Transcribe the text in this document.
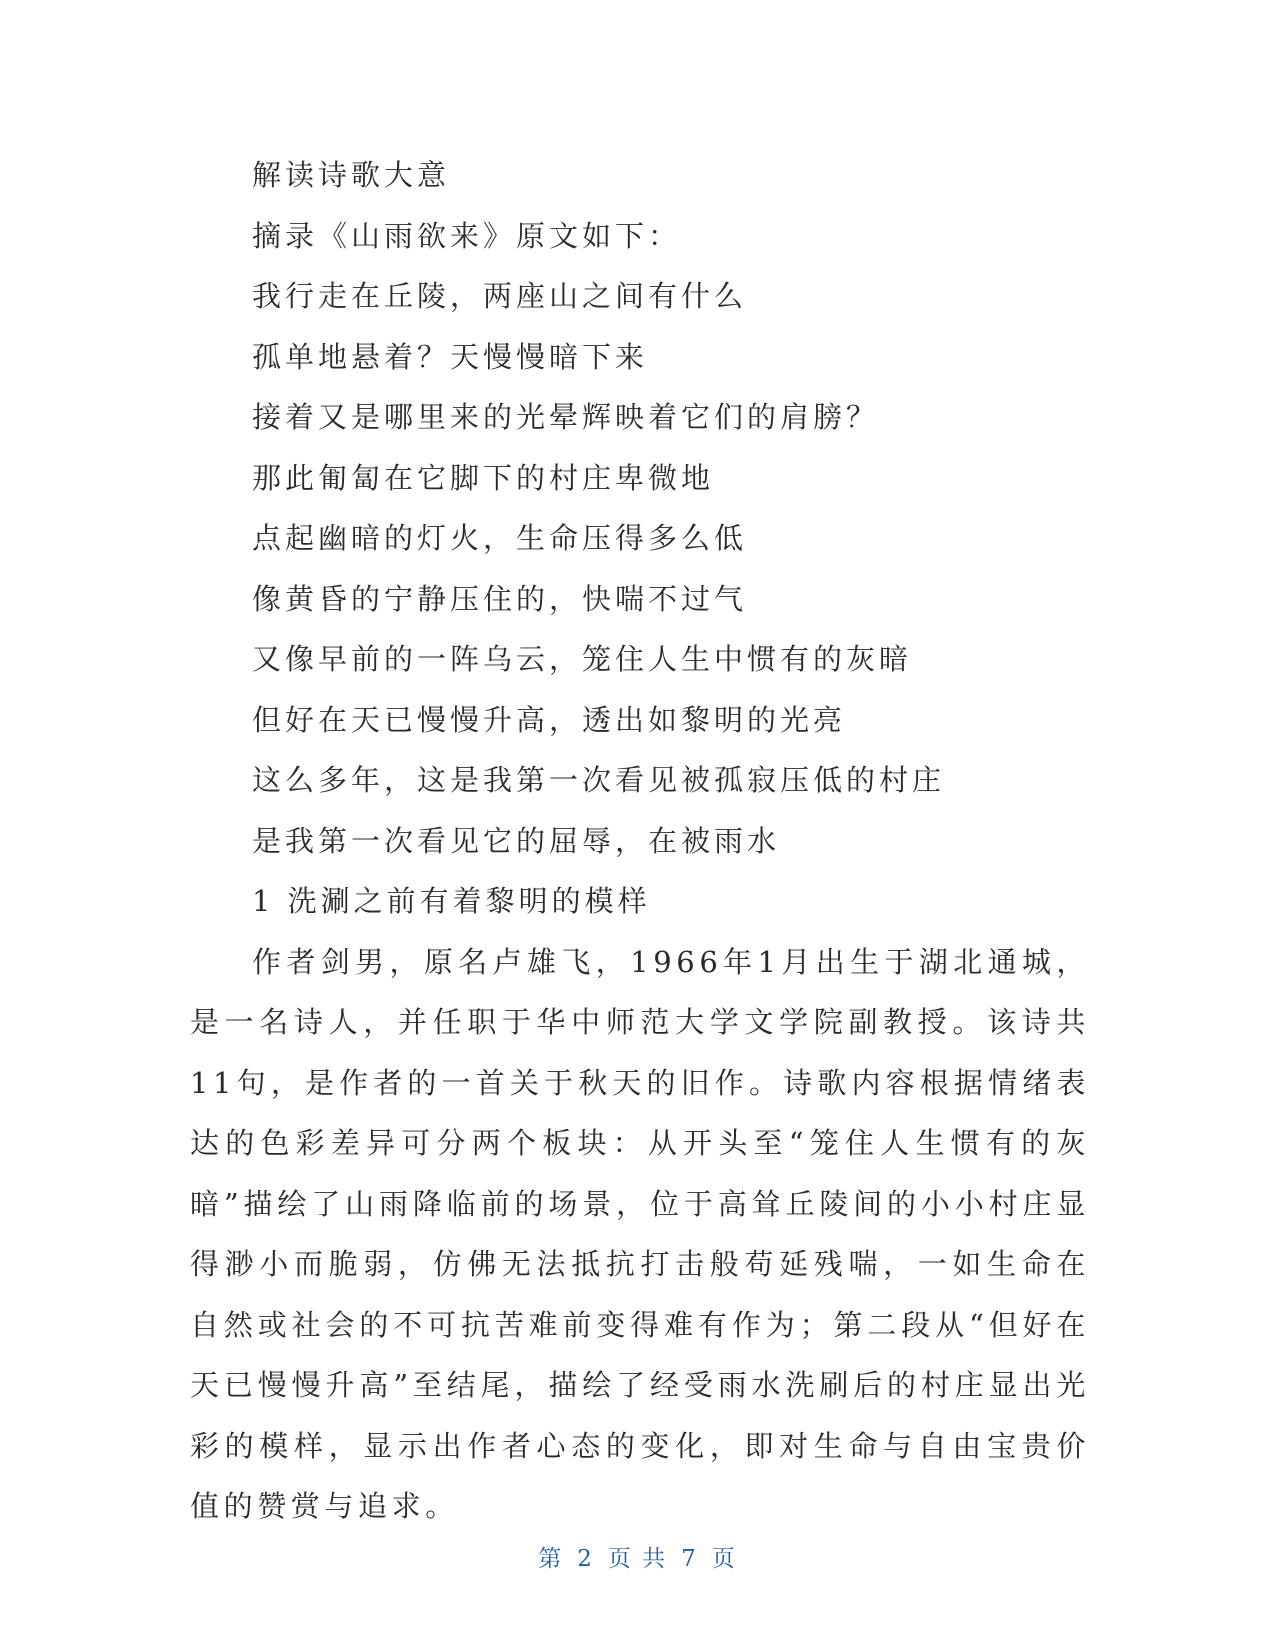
解读诗歌大意
摘录《山雨欲来》原文如下：
我行走在丘陵，两座山之间有什么
孤单地悬着？天慢慢暗下来
接着又是哪里来的光晕辉映着它们的肩膀？
那此匍匐在它脚下的村庄卑微地
点起幽暗的灯火，生命压得多么低
像黄昏的宁静压住的，快喘不过气
又像早前的一阵乌云，笼住人生中惯有的灰暗
但好在天已慢慢升高，透出如黎明的光亮
这么多年，这是我第一次看见被孤寂压低的村庄
是我第一次看见它的屈辱，在被雨水
1 洗涮之前有着黎明的模样

作者剑男，原名卢雄飞，1966年1月出生于湖北通城，是一名诗人，并任职于华中师范大学文学院副教授。该诗共11句，是作者的一首关于秋天的旧作。诗歌内容根据情绪表达的色彩差异可分两个板块：从开头至“笼住人生惯有的灰暗”描绘了山雨降临前的场景，位于高耸丘陵间的小小村庄显得渺小而脆弱，仿佛无法抵抗打击般苟延残喘，一如生命在自然或社会的不可抗苦难前变得难有作为；第二段从“但好在天已慢慢升高”至结尾，描绘了经受雨水洗刷后的村庄显出光彩的模样，显示出作者心态的变化，即对生命与自由宝贵价值的赞赏与追求。

第 2 页 共 7 页
